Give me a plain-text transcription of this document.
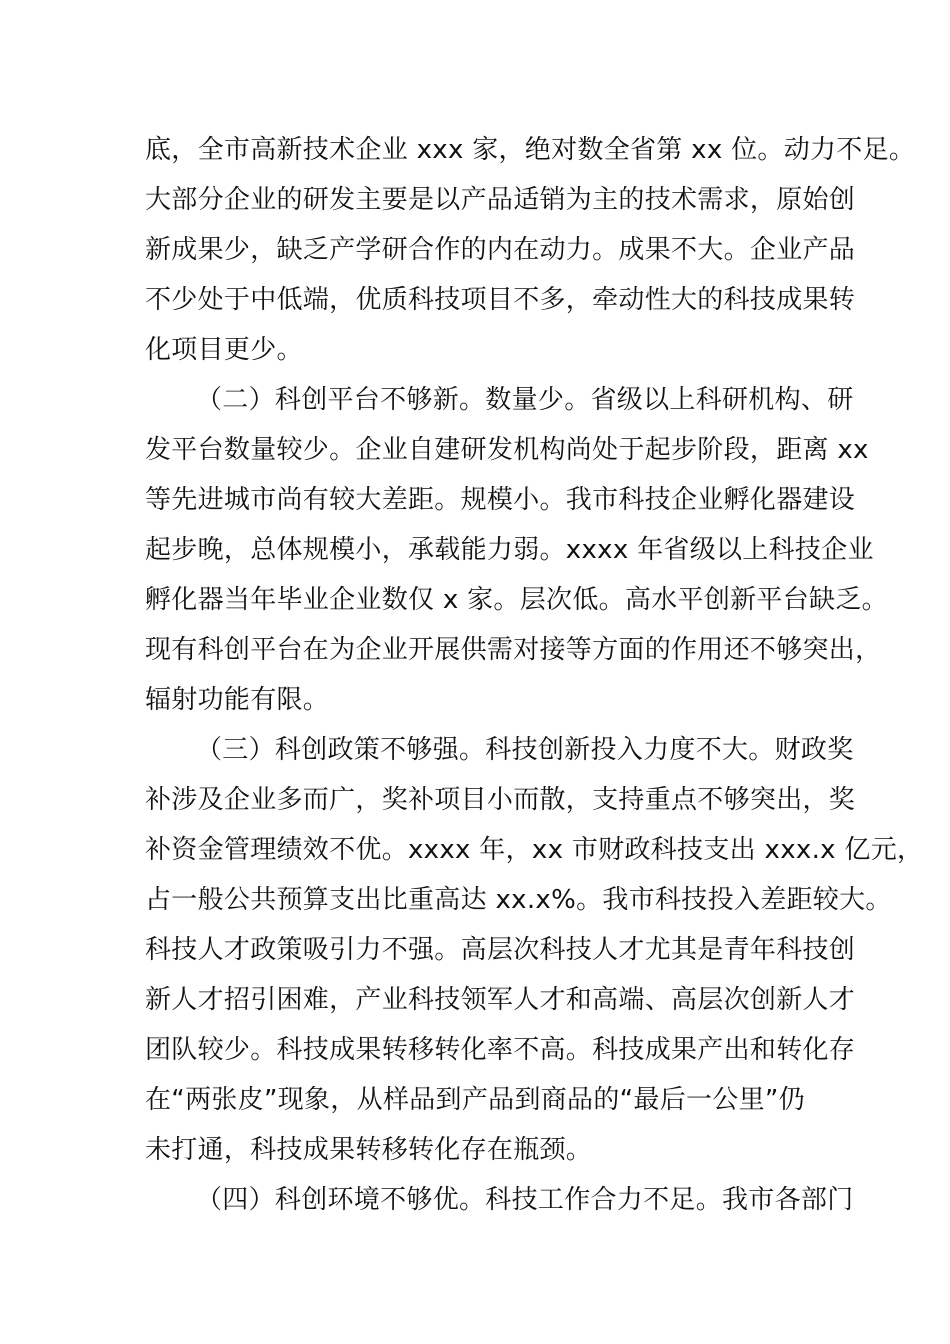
底，全市高新技术企业 xxx 家，绝对数全省第 xx 位。动力不足。
大部分企业的研发主要是以产品适销为主的技术需求，原始创
新成果少，缺乏产学研合作的内在动力。成果不大。企业产品
不少处于中低端，优质科技项目不多，牵动性大的科技成果转
化项目更少。
（二）科创平台不够新。数量少。省级以上科研机构、研
发平台数量较少。企业自建研发机构尚处于起步阶段，距离 xx
等先进城市尚有较大差距。规模小。我市科技企业孵化器建设
起步晚，总体规模小，承载能力弱。xxxx 年省级以上科技企业
孵化器当年毕业企业数仅 x 家。层次低。高水平创新平台缺乏。
现有科创平台在为企业开展供需对接等方面的作用还不够突出，
辐射功能有限。
（三）科创政策不够强。科技创新投入力度不大。财政奖
补涉及企业多而广，奖补项目小而散，支持重点不够突出，奖
补资金管理绩效不优。xxxx 年，xx 市财政科技支出 xxx.x 亿元，
占一般公共预算支出比重高达 xx.x%。我市科技投入差距较大。
科技人才政策吸引力不强。高层次科技人才尤其是青年科技创
新人才招引困难，产业科技领军人才和高端、高层次创新人才
团队较少。科技成果转移转化率不高。科技成果产出和转化存
在“两张皮”现象，从样品到产品到商品的“最后一公里”仍
未打通，科技成果转移转化存在瓶颈。
（四）科创环境不够优。科技工作合力不足。我市各部门
